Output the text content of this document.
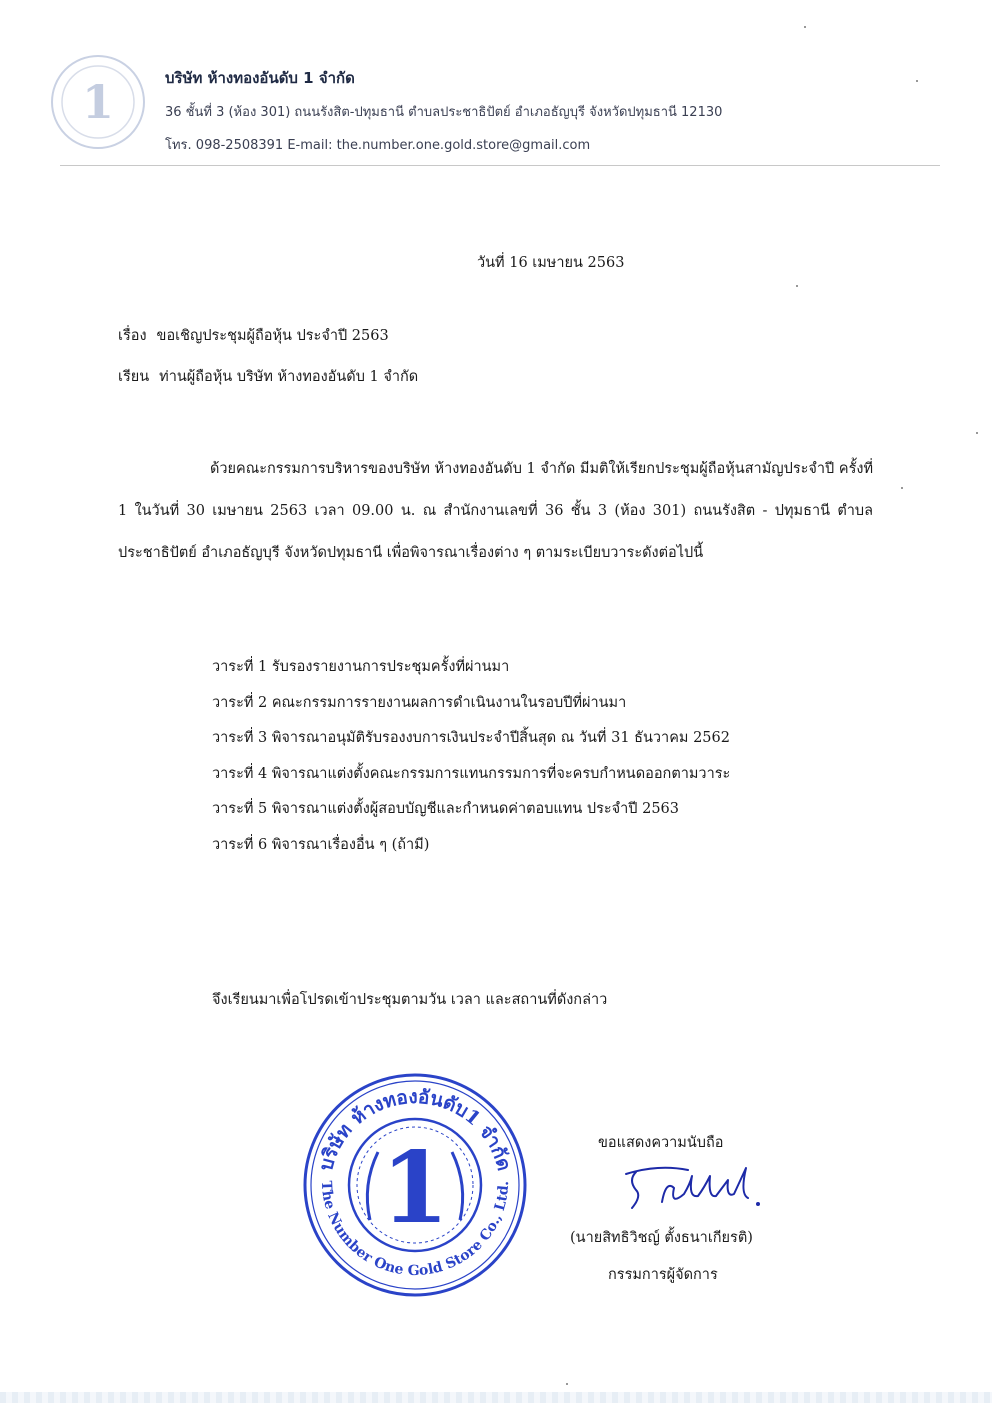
1	บริษัท ห้างทองอันดับ 1 จำกัด
36 ชั้นที่ 3 (ห้อง 301) ถนนรังสิต-ปทุมธานี ตำบลประชาธิปัตย์ อำเภอธัญบุรี จังหวัดปทุมธานี 12130
โทร. 098-2508391 E-mail: the.number.one.gold.store@gmail.com
วันที่ 16 เมษายน 2563
เรื่อง ขอเชิญประชุมผู้ถือหุ้น ประจำปี 2563
เรียน ท่านผู้ถือหุ้น บริษัท ห้างทองอันดับ 1 จำกัด

ด้วยคณะกรรมการบริหารของบริษัท ห้างทองอันดับ 1 จำกัด มีมติให้เรียกประชุมผู้ถือหุ้นสามัญประจำปี ครั้งที่ 1 ในวันที่ 30 เมษายน 2563 เวลา 09.00 น. ณ สำนักงานเลขที่ 36 ชั้น 3 (ห้อง 301) ถนนรังสิต - ปทุมธานี ตำบลประชาธิปัตย์ อำเภอธัญบุรี จังหวัดปทุมธานี เพื่อพิจารณาเรื่องต่าง ๆ ตามระเบียบวาระดังต่อไปนี้

วาระที่ 1 รับรองรายงานการประชุมครั้งที่ผ่านมา
วาระที่ 2 คณะกรรมการรายงานผลการดำเนินงานในรอบปีที่ผ่านมา
วาระที่ 3 พิจารณาอนุมัติรับรองงบการเงินประจำปีสิ้นสุด ณ วันที่ 31 ธันวาคม 2562
วาระที่ 4 พิจารณาแต่งตั้งคณะกรรมการแทนกรรมการที่จะครบกำหนดออกตามวาระ
วาระที่ 5 พิจารณาแต่งตั้งผู้สอบบัญชีและกำหนดค่าตอบแทน ประจำปี 2563
วาระที่ 6 พิจารณาเรื่องอื่น ๆ (ถ้ามี)
จึงเรียนมาเพื่อโปรดเข้าประชุมตามวัน เวลา และสถานที่ดังกล่าว
1
บริษัท ห้างทองอันดับ1 จำกัด
The Number One Gold Store Co., Ltd.
ขอแสดงความนับถือ
(นายสิทธิวิชญ์ ตั้งธนาเกียรติ)
กรรมการผู้จัดการ
